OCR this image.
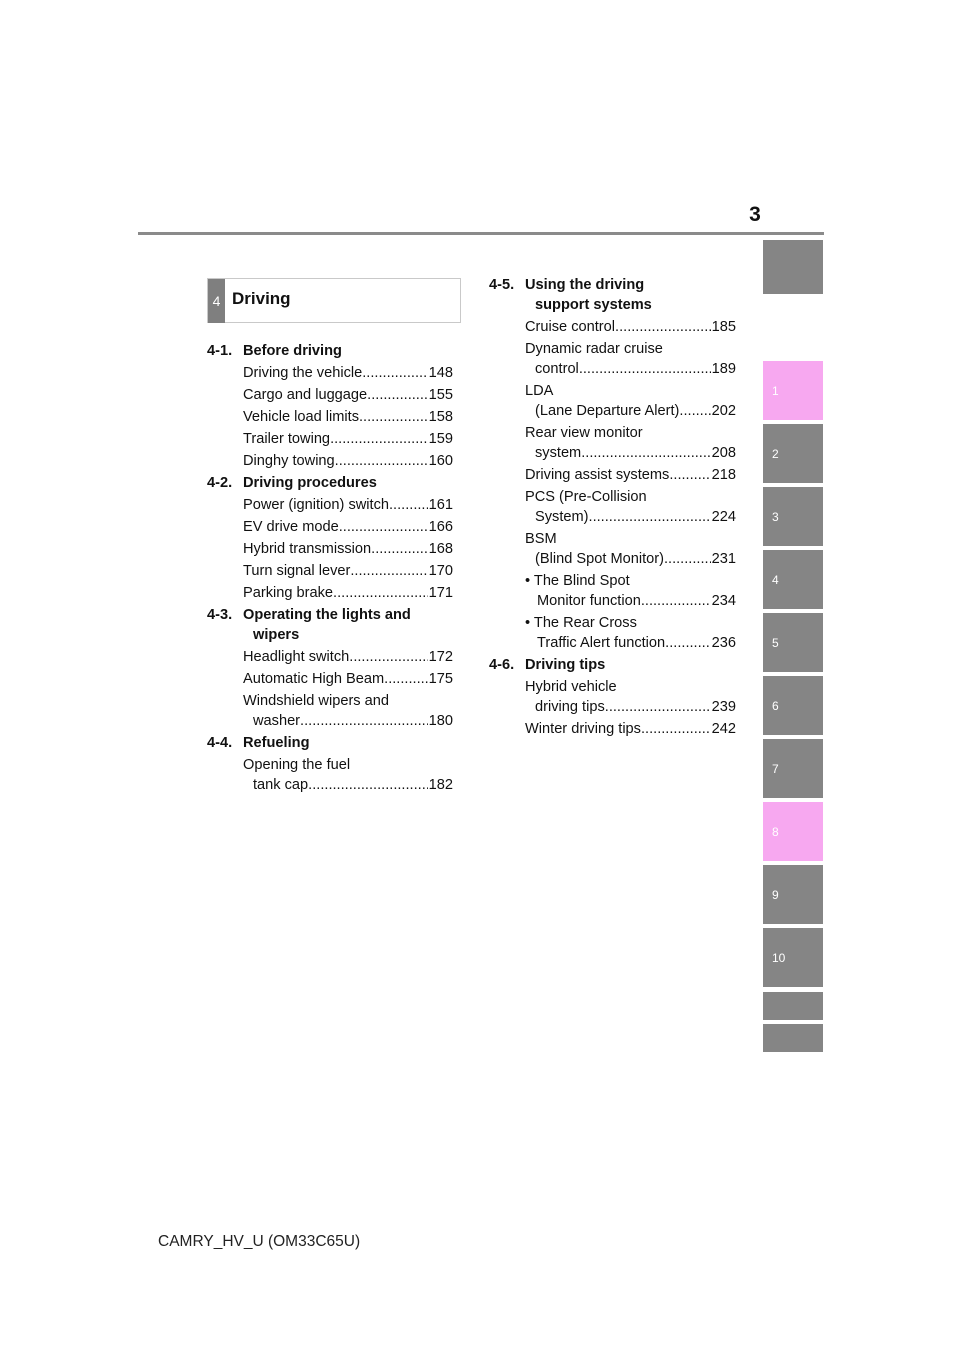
3
1
2
3
4
5
6
7
8
9
10
4 Driving
4-1. Before driving
Driving the vehicle .....	148
Cargo and luggage .....	155
Vehicle load limits .....	158
Trailer towing .....	159
Dinghy towing .....	160
4-2. Driving procedures
Power (ignition) switch .....	161
EV drive mode .....	166
Hybrid transmission .....	168
Turn signal lever .....	170
Parking brake .....	171
4-3. Operating the lights and
wipers
Headlight switch .....	172
Automatic High Beam .....	175
Windshield wipers and
washer .....	180
4-4. Refueling
Opening the fuel
tank cap .....	182
4-5. Using the driving
support systems
Cruise control .....	185
Dynamic radar cruise
control .....	189
LDA
(Lane Departure Alert) ..... 202
Rear view monitor
system .....	208
Driving assist systems .....	218
PCS (Pre-Collision
System) .....	224
BSM
(Blind Spot Monitor) .....	231
• The Blind Spot
Monitor function .....	234
• The Rear Cross
Traffic Alert function .....	236
4-6. Driving tips
Hybrid vehicle
driving tips .....	239
Winter driving tips .....	242
CAMRY_HV_U (OM33C65U)
